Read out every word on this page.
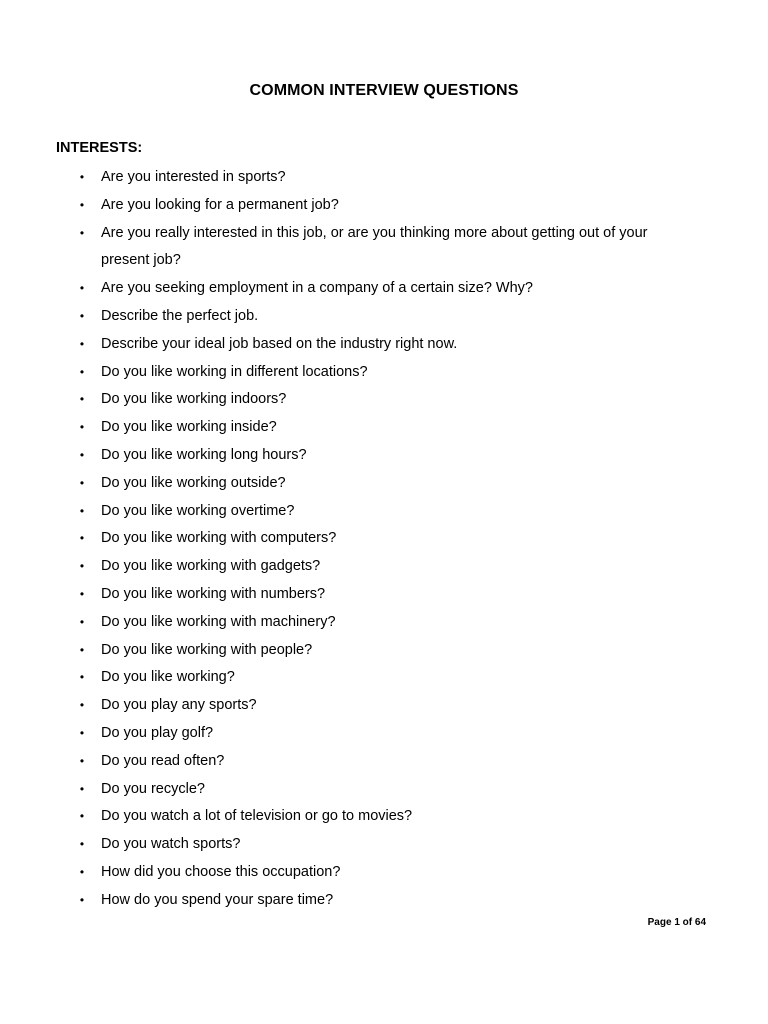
COMMON INTERVIEW QUESTIONS
INTERESTS:
• Are you interested in sports?
• Are you looking for a permanent job?
• Are you really interested in this job, or are you thinking more about getting out of your present job?
• Are you seeking employment in a company of a certain size? Why?
• Describe the perfect job.
• Describe your ideal job based on the industry right now.
• Do you like working in different locations?
• Do you like working indoors?
• Do you like working inside?
• Do you like working long hours?
• Do you like working outside?
• Do you like working overtime?
• Do you like working with computers?
• Do you like working with gadgets?
• Do you like working with numbers?
• Do you like working with machinery?
• Do you like working with people?
• Do you like working?
• Do you play any sports?
• Do you play golf?
• Do you read often?
• Do you recycle?
• Do you watch a lot of television or go to movies?
• Do you watch sports?
• How did you choose this occupation?
• How do you spend your spare time?
Page 1 of 64
